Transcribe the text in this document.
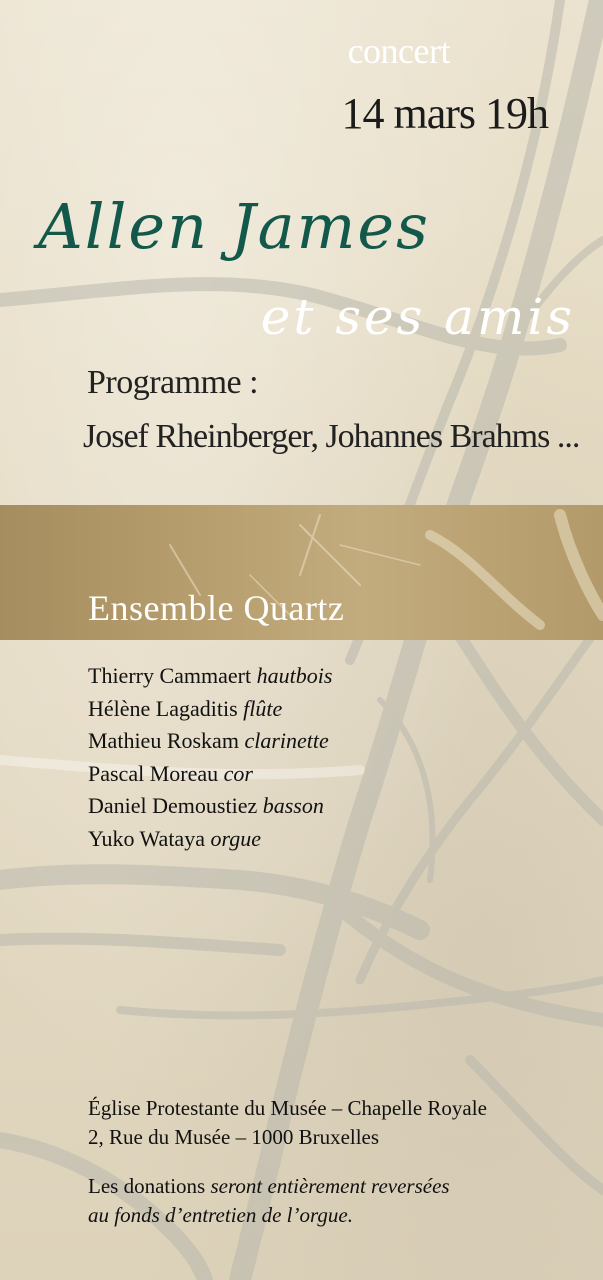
concert
14 mars 19h
Allen James
et ses amis
Programme :
Josef Rheinberger, Johannes Brahms ...
Ensemble Quartz
Thierry Cammaert hautbois
Hélène Lagaditis flûte
Mathieu Roskam clarinette
Pascal Moreau cor
Daniel Demoustiez basson
Yuko Wataya orgue
Église Protestante du Musée – Chapelle Royale
2, Rue du Musée – 1000 Bruxelles
Les donations seront entièrement reversées
au fonds d’entretien de l’orgue.
